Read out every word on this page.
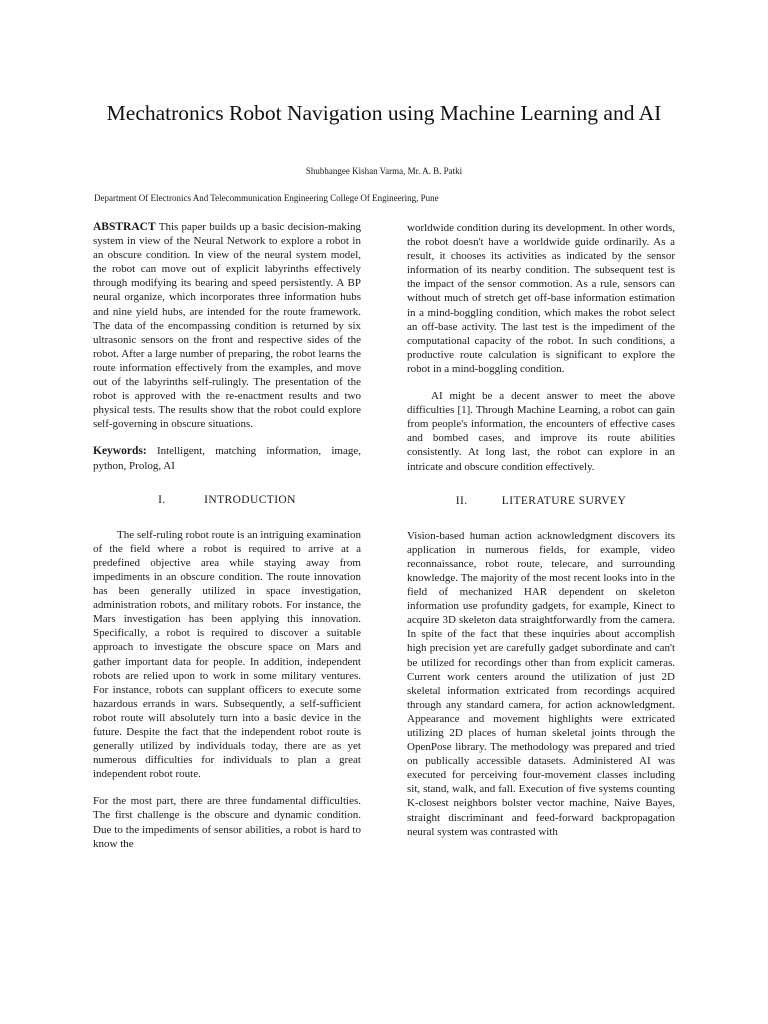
Mechatronics Robot Navigation using Machine Learning and AI
Shubhangee Kishan Varma, Mr. A. B. Patki
Department Of Electronics And Telecommunication Engineering College Of Engineering, Pune

ABSTRACT This paper builds up a basic decision-making system in view of the Neural Network to explore a robot in an obscure condition. In view of the neural system model, the robot can move out of explicit labyrinths effectively through modifying its bearing and speed persistently. A BP neural organize, which incorporates three information hubs and nine yield hubs, are intended for the route framework. The data of the encompassing condition is returned by six ultrasonic sensors on the front and respective sides of the robot. After a large number of preparing, the robot learns the route information effectively from the examples, and move out of the labyrinths self-rulingly. The presentation of the robot is approved with the re-enactment results and two physical tests. The results show that the robot could explore self-governing in obscure situations.

Keywords: Intelligent, matching information, image, python, Prolog, AI

I.	INTRODUCTION

The self-ruling robot route is an intriguing examination of the field where a robot is required to arrive at a predefined objective area while staying away from impediments in an obscure condition. The route innovation has been generally utilized in space investigation, administration robots, and military robots. For instance, the Mars investigation has been applying this innovation. Specifically, a robot is required to discover a suitable approach to investigate the obscure space on Mars and gather important data for people. In addition, independent robots are relied upon to work in some military ventures. For instance, robots can supplant officers to execute some hazardous errands in wars. Subsequently, a self-sufficient robot route will absolutely turn into a basic device in the future. Despite the fact that the independent robot route is generally utilized by individuals today, there are as yet numerous difficulties for individuals to plan a great independent robot route.

For the most part, there are three fundamental difficulties. The first challenge is the obscure and dynamic condition. Due to the impediments of sensor abilities, a robot is hard to know the

worldwide condition during its development. In other words, the robot doesn't have a worldwide guide ordinarily. As a result, it chooses its activities as indicated by the sensor information of its nearby condition. The subsequent test is the impact of the sensor commotion. As a rule, sensors can without much of stretch get off-base information estimation in a mind-boggling condition, which makes the robot select an off-base activity. The last test is the impediment of the computational capacity of the robot. In such conditions, a productive route calculation is significant to explore the robot in a mind-boggling condition.

AI might be a decent answer to meet the above difficulties [1]. Through Machine Learning, a robot can gain from people's information, the encounters of effective cases and bombed cases, and improve its route abilities consistently. At long last, the robot can explore in an intricate and obscure condition effectively.

II.	LITERATURE SURVEY

Vision-based human action acknowledgment discovers its application in numerous fields, for example, video reconnaissance, robot route, telecare, and surrounding knowledge. The majority of the most recent looks into in the field of mechanized HAR dependent on skeleton information use profundity gadgets, for example, Kinect to acquire 3D skeleton data straightforwardly from the camera. In spite of the fact that these inquiries about accomplish high precision yet are carefully gadget subordinate and can't be utilized for recordings other than from explicit cameras. Current work centers around the utilization of just 2D skeletal information extricated from recordings acquired through any standard camera, for action acknowledgment. Appearance and movement highlights were extricated utilizing 2D places of human skeletal joints through the OpenPose library. The methodology was prepared and tried on publically accessible datasets. Administered AI was executed for perceiving four-movement classes including sit, stand, walk, and fall. Execution of five systems counting K-closest neighbors bolster vector machine, Naive Bayes, straight discriminant and feed-forward backpropagation neural system was contrasted with
